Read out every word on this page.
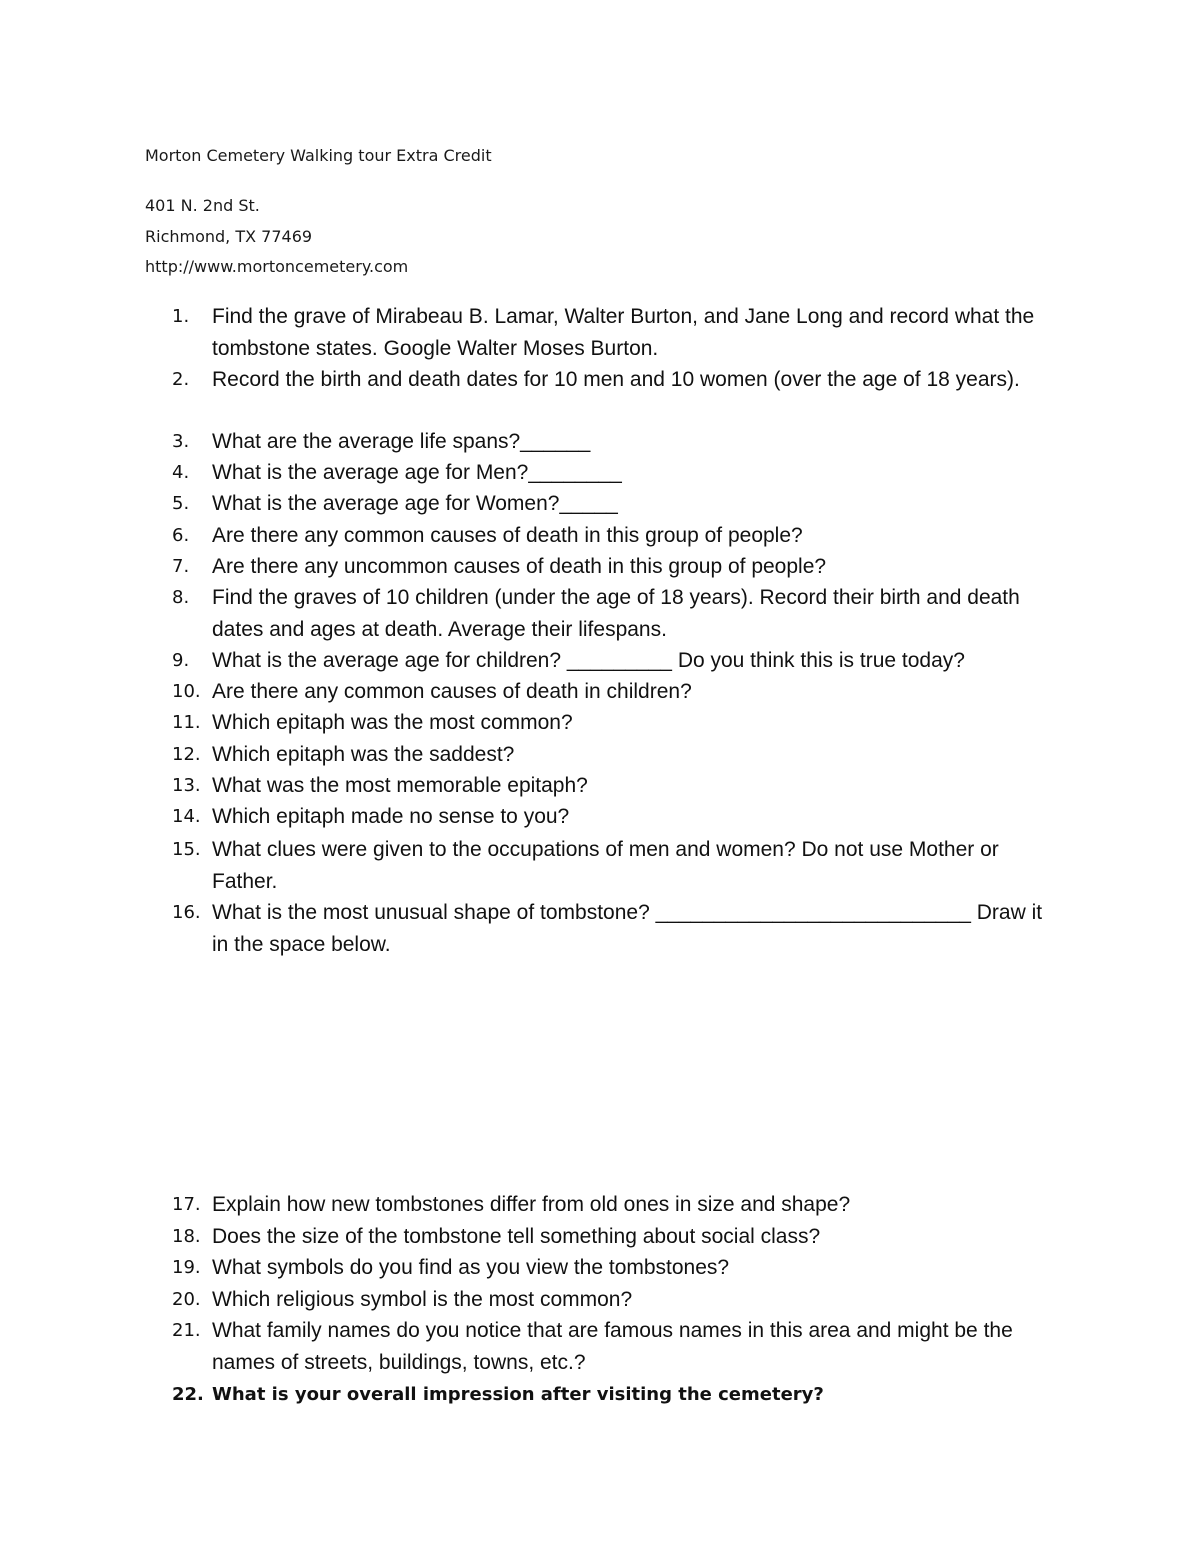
Morton Cemetery Walking tour Extra Credit
401 N. 2nd St.
Richmond, TX 77469
http://www.mortoncemetery.com
1. Find the grave of Mirabeau B. Lamar, Walter Burton, and Jane Long and record what the tombstone states. Google Walter Moses Burton.
2. Record the birth and death dates for 10 men and 10 women (over the age of 18 years).
3. What are the average life spans?______
4. What is the average age for Men?________
5. What is the average age for Women?_____
6. Are there any common causes of death in this group of people?
7. Are there any uncommon causes of death in this group of people?
8. Find the graves of 10 children (under the age of 18 years). Record their birth and death dates and ages at death. Average their lifespans.
9. What is the average age for children? _________ Do you think this is true today?
10. Are there any common causes of death in children?
11. Which epitaph was the most common?
12. Which epitaph was the saddest?
13. What was the most memorable epitaph?
14. Which epitaph made no sense to you?
15. What clues were given to the occupations of men and women? Do not use Mother or Father.
16. What is the most unusual shape of tombstone? ___________________________ Draw it in the space below.
17. Explain how new tombstones differ from old ones in size and shape?
18. Does the size of the tombstone tell something about social class?
19. What symbols do you find as you view the tombstones?
20. Which religious symbol is the most common?
21. What family names do you notice that are famous names in this area and might be the names of streets, buildings, towns, etc.?
22. What is your overall impression after visiting the cemetery?
